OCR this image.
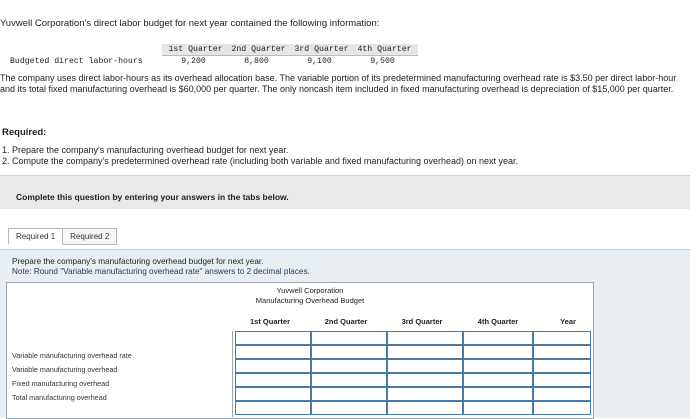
Yuvwell Corporation's direct labor budget for next year contained the following information:
1st Quarter	2nd Quarter	3rd Quarter	4th Quarter
Budgeted direct labor-hours	9,200	8,800	9,100	9,500
The company uses direct labor-hours as its overhead allocation base. The variable portion of its predetermined manufacturing overhead rate is $3.50 per direct labor-hour and its total fixed manufacturing overhead is $60,000 per quarter. The only noncash item included in fixed manufacturing overhead is depreciation of $15,000 per quarter.
Required:
1. Prepare the company's manufacturing overhead budget for next year.
2. Compute the company's predetermined overhead rate (including both variable and fixed manufacturing overhead) on next year.
Complete this question by entering your answers in the tabs below.
Required 1	Required 2
Prepare the company's manufacturing overhead budget for next year.
Note: Round "Variable manufacturing overhead rate" answers to 2 decimal places.
Yuvwell Corporation
Manufacturing Overhead Budget
1st Quarter	2nd Quarter	3rd Quarter	4th Quarter	Year
Variable manufacturing overhead rate
Variable manufacturing overhead
Fixed manufacturing overhead
Total manufacturing overhead
